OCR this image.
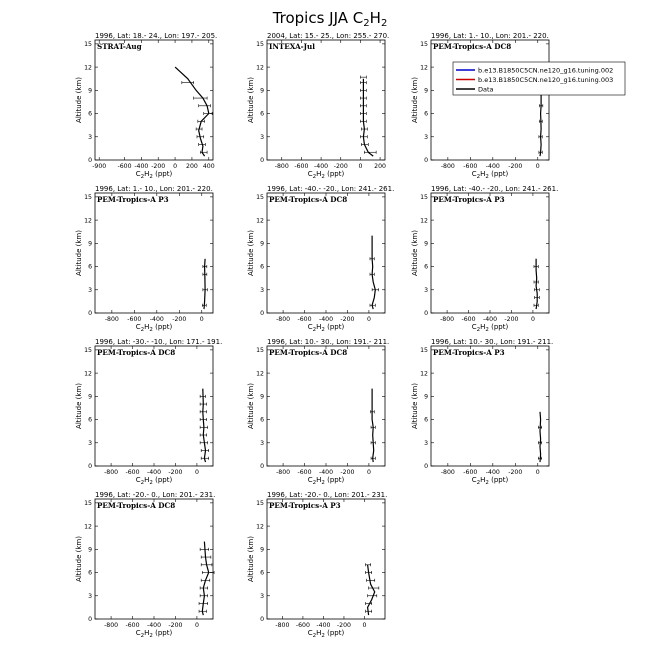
Tropics JJA $C_2H_2$
1996, Lat: 18.- 24., Lon: 197.- 205.
STRAT-Aug
0
3
6
9
12
15
-900 -600 -400 -200 0 200 400
$C_2H_2$ (ppt)
Altitude (km)
2004, Lat: 15.- 25., Lon: 255.- 270.
INTEXA-Jul
0
3
6
9
12
15
-800 -600 -400 -200 0 200
$C_2H_2$ (ppt)
Altitude (km)
1996, Lat: 1.- 10., Lon: 201.- 220.
PEM-Tropics-A DC8
0
3
6
9
12
15
-800 -600 -400 -200 0
$C_2H_2$ (ppt)
Altitude (km)
1996, Lat: 1.- 10., Lon: 201.- 220.
PEM-Tropics-A P3
0
3
6
9
12
15
-800 -600 -400 -200 0
$C_2H_2$ (ppt)
Altitude (km)
1996, Lat: -40.- -20., Lon: 241.- 261.
PEM-Tropics-A DC8
0
3
6
9
12
15
-800 -600 -400 -200 0
$C_2H_2$ (ppt)
Altitude (km)
1996, Lat: -40.- -20., Lon: 241.- 261.
PEM-Tropics-A P3
0
3
6
9
12
15
-800 -600 -400 -200 0
$C_2H_2$ (ppt)
Altitude (km)
1996, Lat: -30.- -10., Lon: 171.- 191.
PEM-Tropics-A DC8
0
3
6
9
12
15
-800 -600 -400 -200 0
$C_2H_2$ (ppt)
Altitude (km)
1996, Lat: 10.- 30., Lon: 191.- 211.
PEM-Tropics-A DC8
0
3
6
9
12
15
-800 -600 -400 -200 0
$C_2H_2$ (ppt)
Altitude (km)
1996, Lat: 10.- 30., Lon: 191.- 211.
PEM-Tropics-A P3
0
3
6
9
12
15
-800 -600 -400 -200 0
$C_2H_2$ (ppt)
Altitude (km)
1996, Lat: -20.- 0., Lon: 201.- 231.
PEM-Tropics-A DC8
0
3
6
9
12
15
-800 -600 -400 -200 0
$C_2H_2$ (ppt)
Altitude (km)
1996, Lat: -20.- 0., Lon: 201.- 231.
PEM-Tropics-A P3
0
3
6
9
12
15
-800 -600 -400 -200 0
$C_2H_2$ (ppt)
Altitude (km)
b.e13.B1850C5CN.ne120_g16.tuning.002
b.e13.B1850C5CN.ne120_g16.tuning.003
Data
